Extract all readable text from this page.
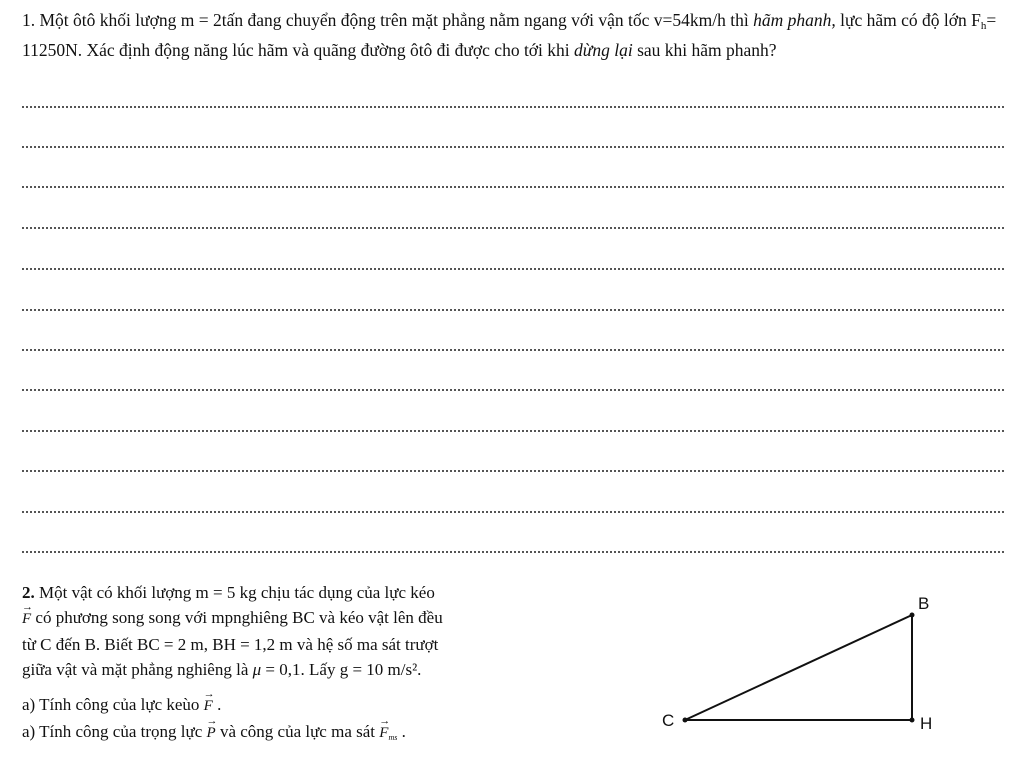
1. Một ôtô khối lượng m = 2tấn đang chuyển động trên mặt phẳng nằm ngang với vận tốc v=54km/h thì hãm phanh, lực hãm có độ lớn $F_h= 11250N$. Xác định động năng lúc hãm và quãng đường ôtô đi được cho tới khi dừng lại sau khi hãm phanh?

2. Một vật có khối lượng m = 5 kg chịu tác dụng của lực kéo
→ F có phương song song với mpnghiêng BC và kéo vật lên đều
từ C đến B. Biết BC = 2 m, BH = 1,2 m và hệ số ma sát trượt
giữa vật và mặt phẳng nghiêng là μ = 0,1. Lấy g = 10 m/s².
a) Tính công của lực keùo → F .
a) Tính công của trọng lực → P và công của lực ma sát → $F_{ms}$ .
B
C	H
